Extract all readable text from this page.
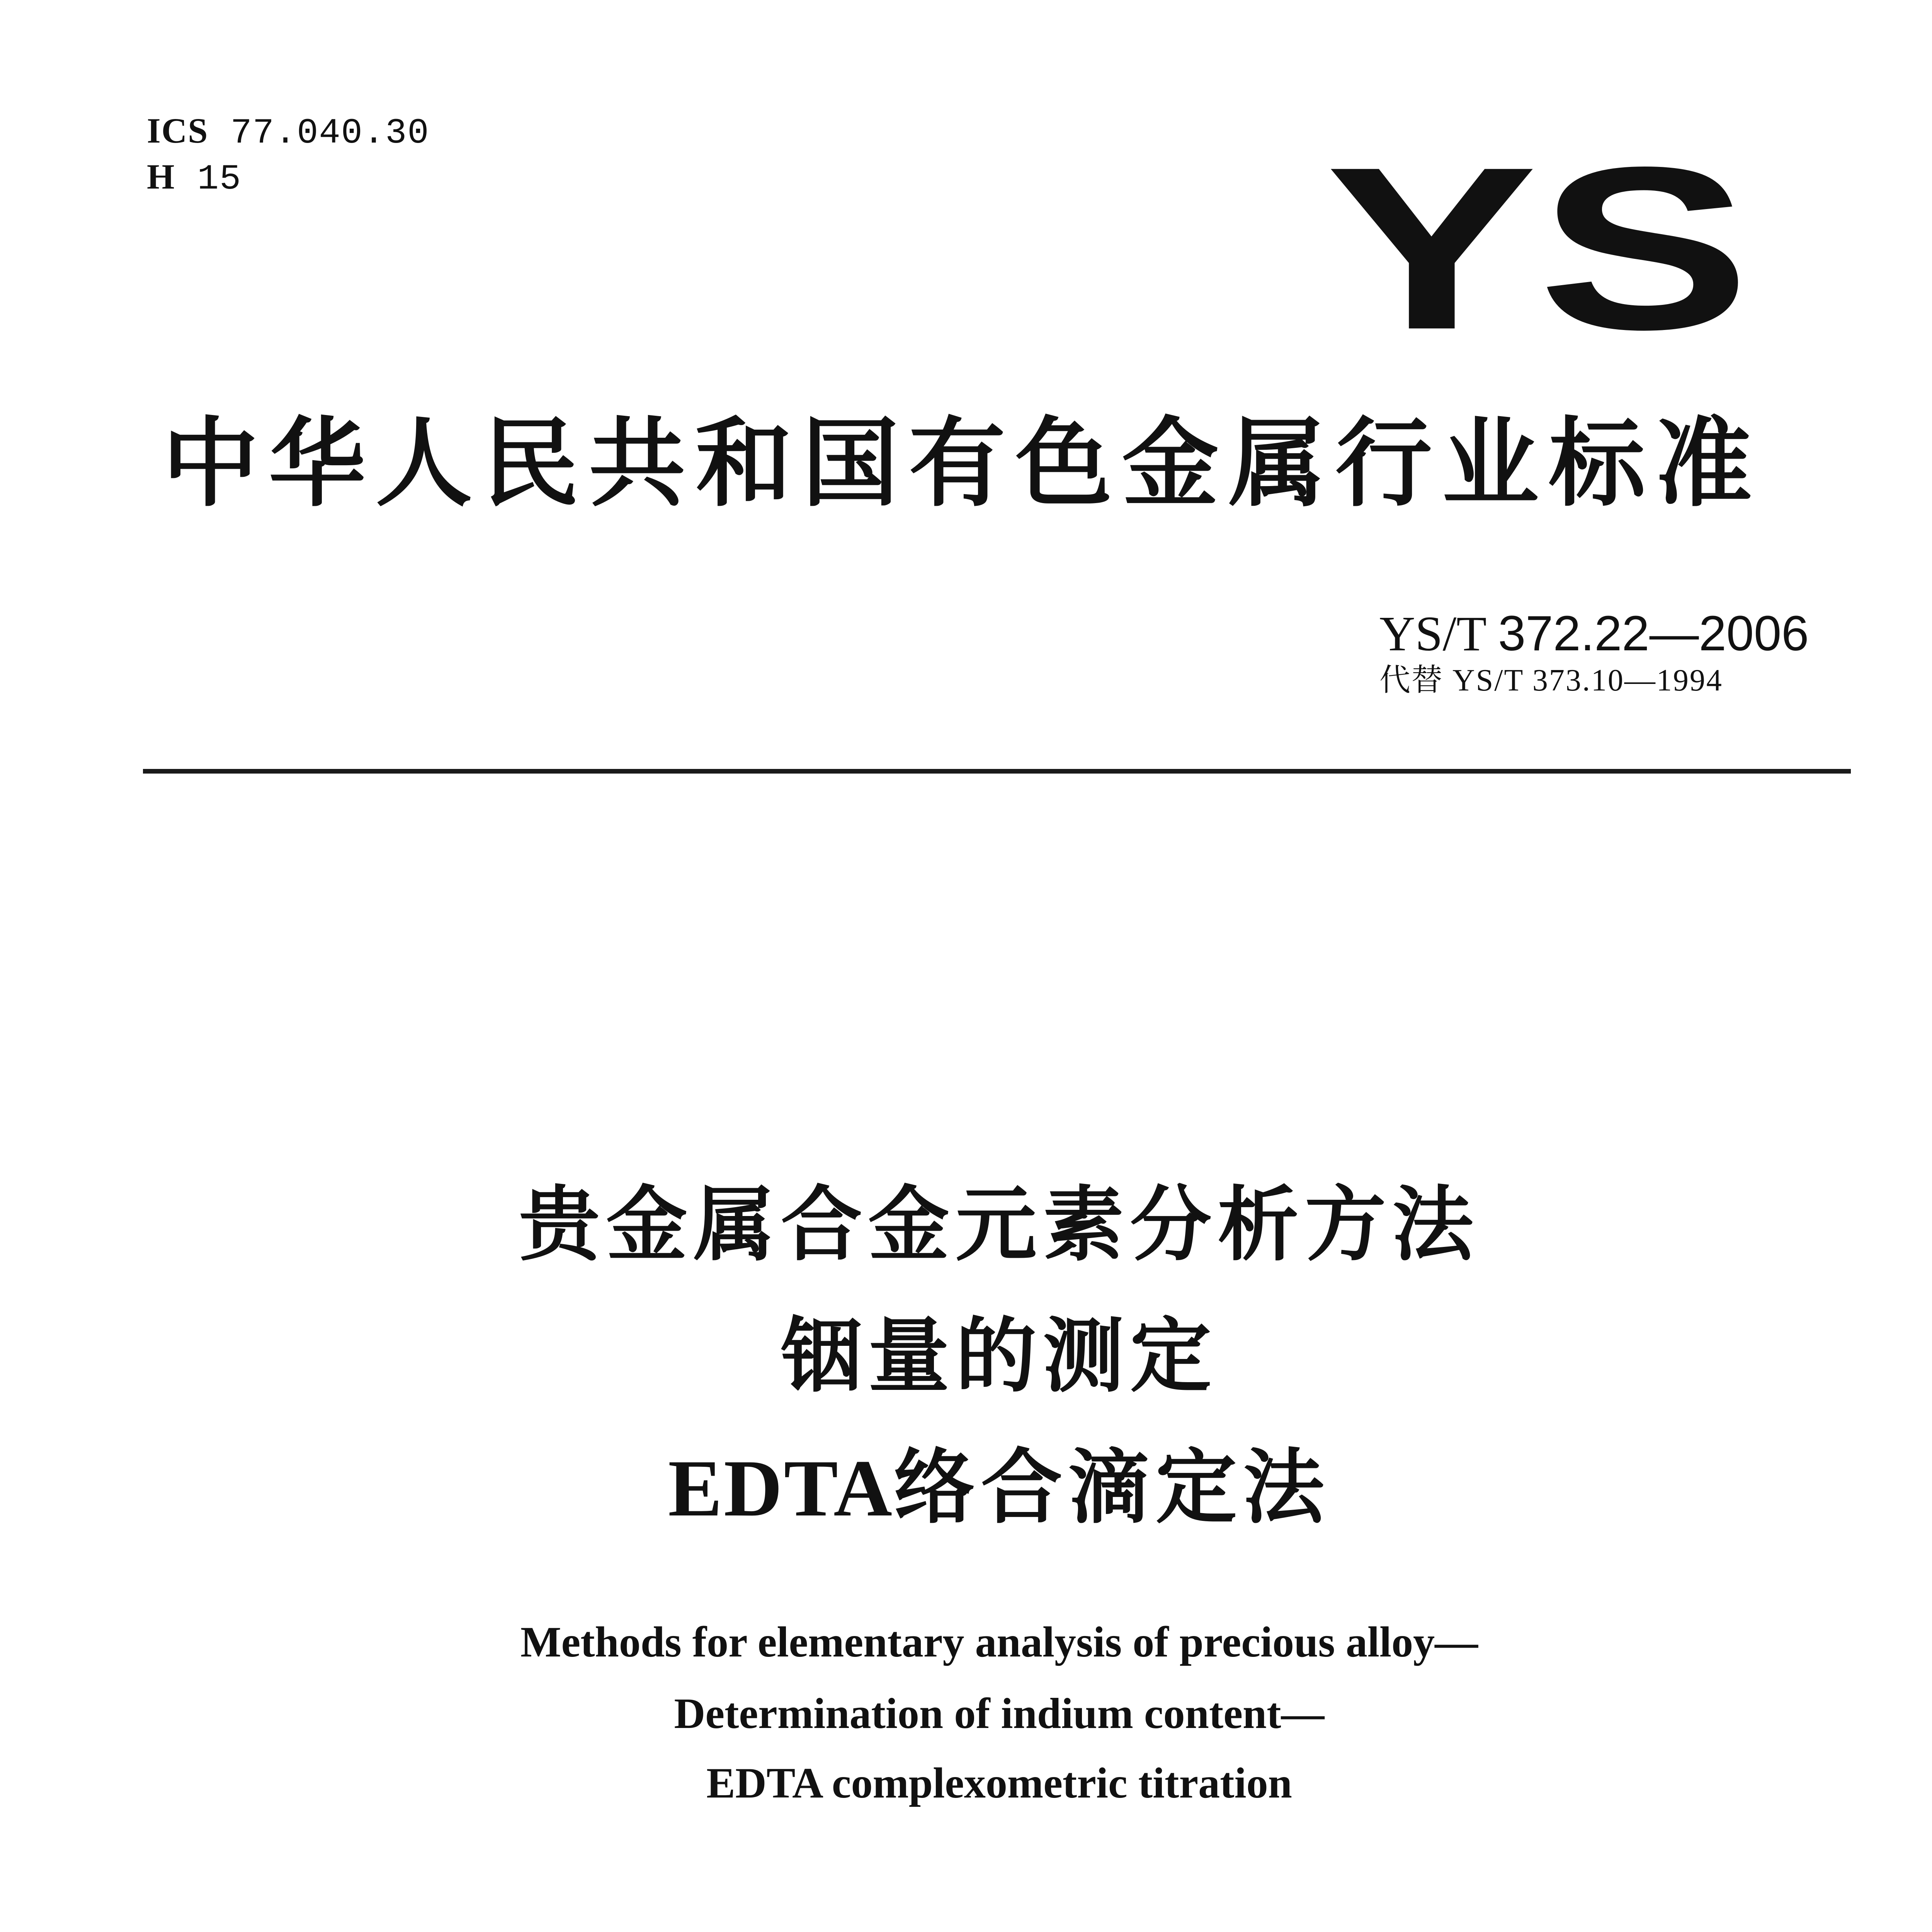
ICS 77.040.30
H 15	YS
中华人民共和国有色金属行业标准
YS/T 372.22—2006
代替 YS/T 373.10—1994
贵金属合金元素分析方法
铟量的测定
EDTA络合滴定法
Methods for elementary analysis of precious alloy—
Determination of indium content—
EDTA complexometric titration
